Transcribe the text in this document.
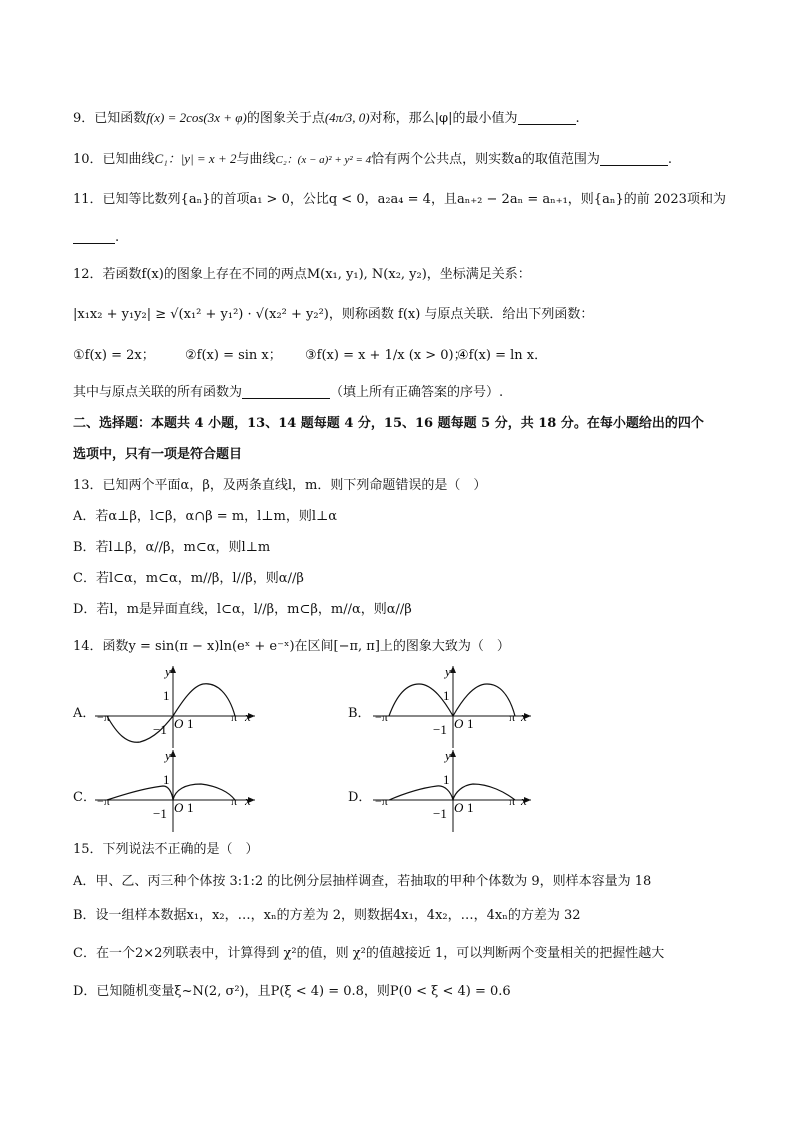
9．已知函数f(x) = 2cos(3x + φ)的图象关于点(4π/3, 0)对称，那么|φ|的最小值为	.
10．已知曲线C₁：|y| = x + 2与曲线C₂：(x − a)² + y² = 4恰有两个公共点，则实数a的取值范围为	.
11．已知等比数列{aₙ}的首项a₁ > 0，公比q < 0，a₂a₄ = 4，且aₙ₊₂ − 2aₙ = aₙ₊₁，则{aₙ}的前 2023项和为
.
12．若函数f(x)的图象上存在不同的两点M(x₁, y₁), N(x₂, y₂)，坐标满足关系：
|x₁x₂ + y₁y₂| ≥ √(x₁² + y₁²) · √(x₂² + y₂²)，则称函数 f(x) 与原点关联．给出下列函数：
①f(x) = 2x； ②f(x) = sin x； ③f(x) = x + 1/x (x > 0)；
④f(x) = ln x．
其中与原点关联的所有函数为	（填上所有正确答案的序号）.
二、选择题：本题共 4 小题，13、14 题每题 4 分，15、16 题每题 5 分，共 18 分。在每小题给出的四个
选项中，只有一项是符合题目
13．已知两个平面α，β，及两条直线l，m．则下列命题错误的是（　）
A．若α⊥β，l⊂β，α∩β = m，l⊥m，则l⊥α
B．若l⊥β，α//β，m⊂α，则l⊥m
C．若l⊂α，m⊂α，m//β，l//β，则α//β
D．若l，m是异面直线，l⊂α，l//β，m⊂β，m//α，则α//β
14．函数y = sin(π − x)ln(eˣ + e⁻ˣ)在区间[−π, π]上的图象大致为（　）
A．	B．
C．	D．
y
1
−1 O 1
−π	π x
y
1
−1 O 1
−π	π x
y
1
−1 O 1
−π	π x
y
1
−1 O 1
−π	π x
15．下列说法不正确的是（　）
A．甲、乙、丙三种个体按 3:1:2 的比例分层抽样调查，若抽取的甲种个体数为 9，则样本容量为 18
B．设一组样本数据x₁，x₂，…，xₙ的方差为 2，则数据4x₁，4x₂，…，4xₙ的方差为 32
C．在一个2×2列联表中，计算得到 χ²的值，则 χ²的值越接近 1，可以判断两个变量相关的把握性越大
D．已知随机变量ξ~N(2, σ²)，且P(ξ < 4) = 0.8，则P(0 < ξ < 4) = 0.6
